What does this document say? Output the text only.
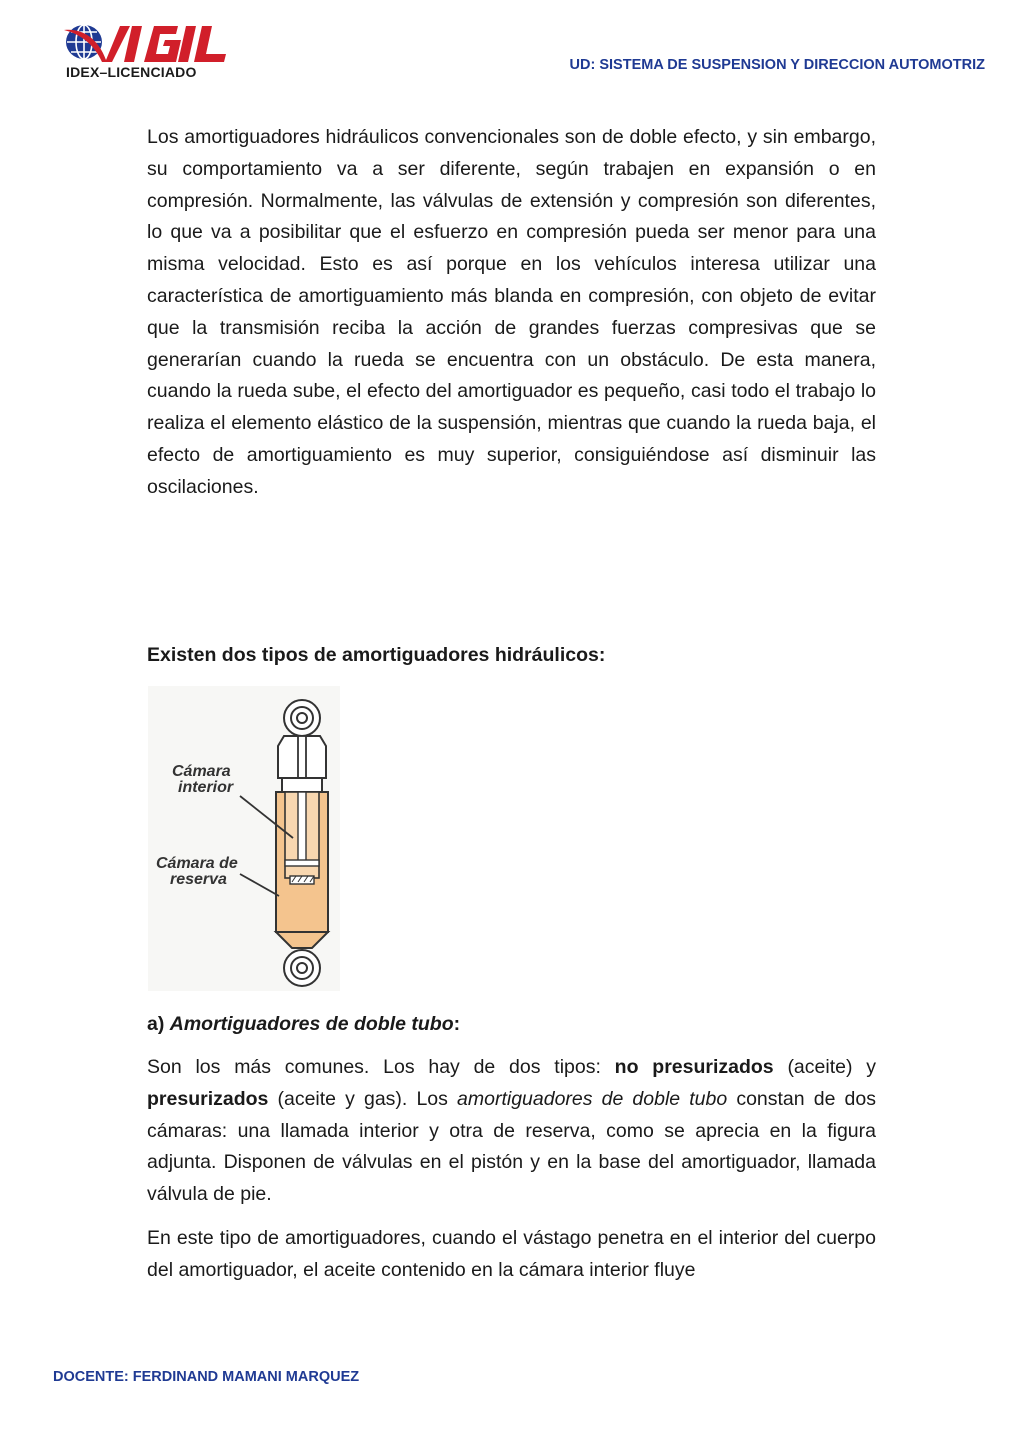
IDEX–LICENCIADO	UD: SISTEMA DE SUSPENSION Y DIRECCION AUTOMOTRIZ

Los amortiguadores hidráulicos convencionales son de doble efecto, y sin embargo, su comportamiento va a ser diferente, según trabajen en expansión o en compresión. Normalmente, las válvulas de extensión y compresión son diferentes, lo que va a posibilitar que el esfuerzo en compresión pueda ser menor para una misma velocidad. Esto es así porque en los vehículos interesa utilizar una característica de amortiguamiento más blanda en compresión, con objeto de evitar que la transmisión reciba la acción de grandes fuerzas compresivas que se generarían cuando la rueda se encuentra con un obstáculo. De esta manera, cuando la rueda sube, el efecto del amortiguador es pequeño, casi todo el trabajo lo realiza el elemento elástico de la suspensión, mientras que cuando la rueda baja, el efecto de amortiguamiento es muy superior, consiguiéndose así disminuir las oscilaciones.

Existen dos tipos de amortiguadores hidráulicos:
Cámara
interior
Cámara de
reserva
a) Amortiguadores de doble tubo:

Son los más comunes. Los hay de dos tipos: no presurizados (aceite) y presurizados (aceite y gas). Los amortiguadores de doble tubo constan de dos cámaras: una llamada interior y otra de reserva, como se aprecia en la figura adjunta. Disponen de válvulas en el pistón y en la base del amortiguador, llamada válvula de pie.

En este tipo de amortiguadores, cuando el vástago penetra en el interior del cuerpo del amortiguador, el aceite contenido en la cámara interior fluye

DOCENTE: FERDINAND MAMANI MARQUEZ
